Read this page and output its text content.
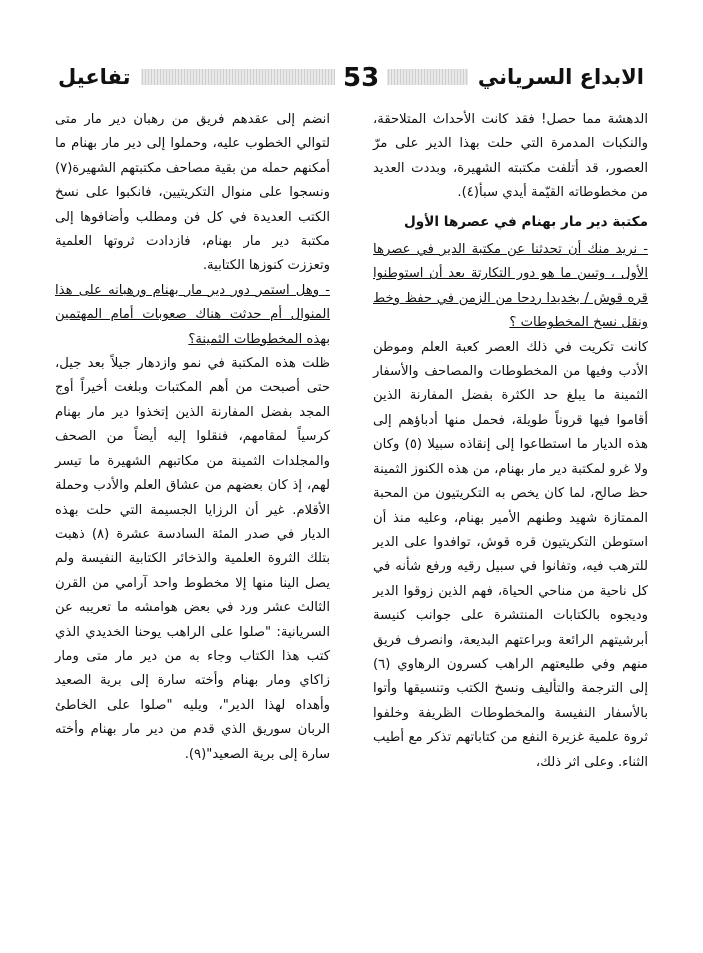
الابداع السرياني
53
تفاعيل

الدهشة مما حصل! فقد كانت الأحداث المتلاحقة، والنكبات المدمرة التي حلت بهذا الدير على مرّ العصور، قد أتلفت مكتبته الشهيرة، وبددت العديد من مخطوطاته القيّمة أيدي سبأ(٤).

مكتبة دير مار بهنام في عصرها الأول

- نريد منك أن تحدثنا عن مكتبة الدير في عصرها الأول ، وتبين ما هو دور التكارتة بعد أن استوطنوا قره قوش / بخديدا ردحا من الزمن في حفظ وخط ونقل نسخ المخطوطات ؟

كانت تكريت في ذلك العصر كعبة العلم وموطن الأدب وفيها من المخطوطات والمصاحف والأسفار الثمينة ما يبلغ حد الكثرة بفضل المفارنة الذين أقاموا فيها قروناً طويلة، فحمل منها أدباؤهم إلى هذه الديار ما استطاعوا إلى إنقاذه سبيلا (٥) وكان ولا غرو لمكتبة دير مار بهنام، من هذه الكنوز الثمينة حظ صالح، لما كان يخص به التكريتيون من المحبة الممتازة شهيد وطنهم الأمير بهنام، وعليه منذ أن استوطن التكريتيون قره قوش، توافدوا على الدير للترهب فيه، وتفانوا في سبيل رقيه ورفع شأنه في كل ناحية من مناحي الحياة، فهم الذين زوقوا الدير وديجوه بالكتابات المنتشرة على جوانب كنيسة أبرشيتهم الرائعة وبراعتهم البديعة، وانصرف فريق منهم وفي طليعتهم الراهب كسرون الرهاوي (٦) إلى الترجمة والتأليف ونسخ الكتب وتنسيقها وأتوا بالأسفار النفيسة والمخطوطات الظريفة وخلفوا ثروة علمية غزيرة النفع من كتاباتهم تذكر مع أطيب الثناء. وعلى اثر ذلك،

انضم إلى عقدهم فريق من رهبان دير مار متى لتوالي الخطوب عليه، وحملوا إلى دير مار بهنام ما أمكنهم حمله من بقية مصاحف مكتبتهم الشهيرة(٧) ونسجوا على منوال التكريتيين، فانكبوا على نسخ الكتب العديدة في كل فن ومطلب وأضافوها إلى مكتبة دير مار بهنام، فازدادت ثروتها العلمية وتعززت كنوزها الكتابية.

- وهل استمر دور دير مار بهنام ورهبانه على هذا المنوال أم حدثت هناك صعوبات أمام المهتمين بهذه المخطوطات الثمينة؟

ظلت هذه المكتبة في نمو وازدهار جيلاً بعد جيل، حتى أصبحت من أهم المكتبات وبلغت أخيراً أوج المجد بفضل المفارنة الذين إتخذوا دير مار بهنام كرسياً لمقامهم، فنقلوا إليه أيضاً من الصحف والمجلدات الثمينة من مكاتبهم الشهيرة ما تيسر لهم، إذ كان بعضهم من عشاق العلم والأدب وحملة الأقلام. غير أن الرزايا الجسيمة التي حلت بهذه الديار في صدر المئة السادسة عشرة (٨) ذهبت بتلك الثروة العلمية والذخائر الكتابية النفيسة ولم يصل الينا منها إلا مخطوط واحد آرامي من القرن الثالث عشر ورد في بعض هوامشه ما تعريبه عن السريانية: "صلوا على الراهب يوحنا الخديدي الذي كتب هذا الكتاب وجاء به من دير مار متى ومار زاكاي ومار بهنام وأخته سارة إلى برية الصعيد وأهداه لهذا الدير"، ويليه "صلوا على الخاطئ الربان سوريق الذي قدم من دير مار بهنام وأخته سارة إلى برية الصعيد"(٩).
